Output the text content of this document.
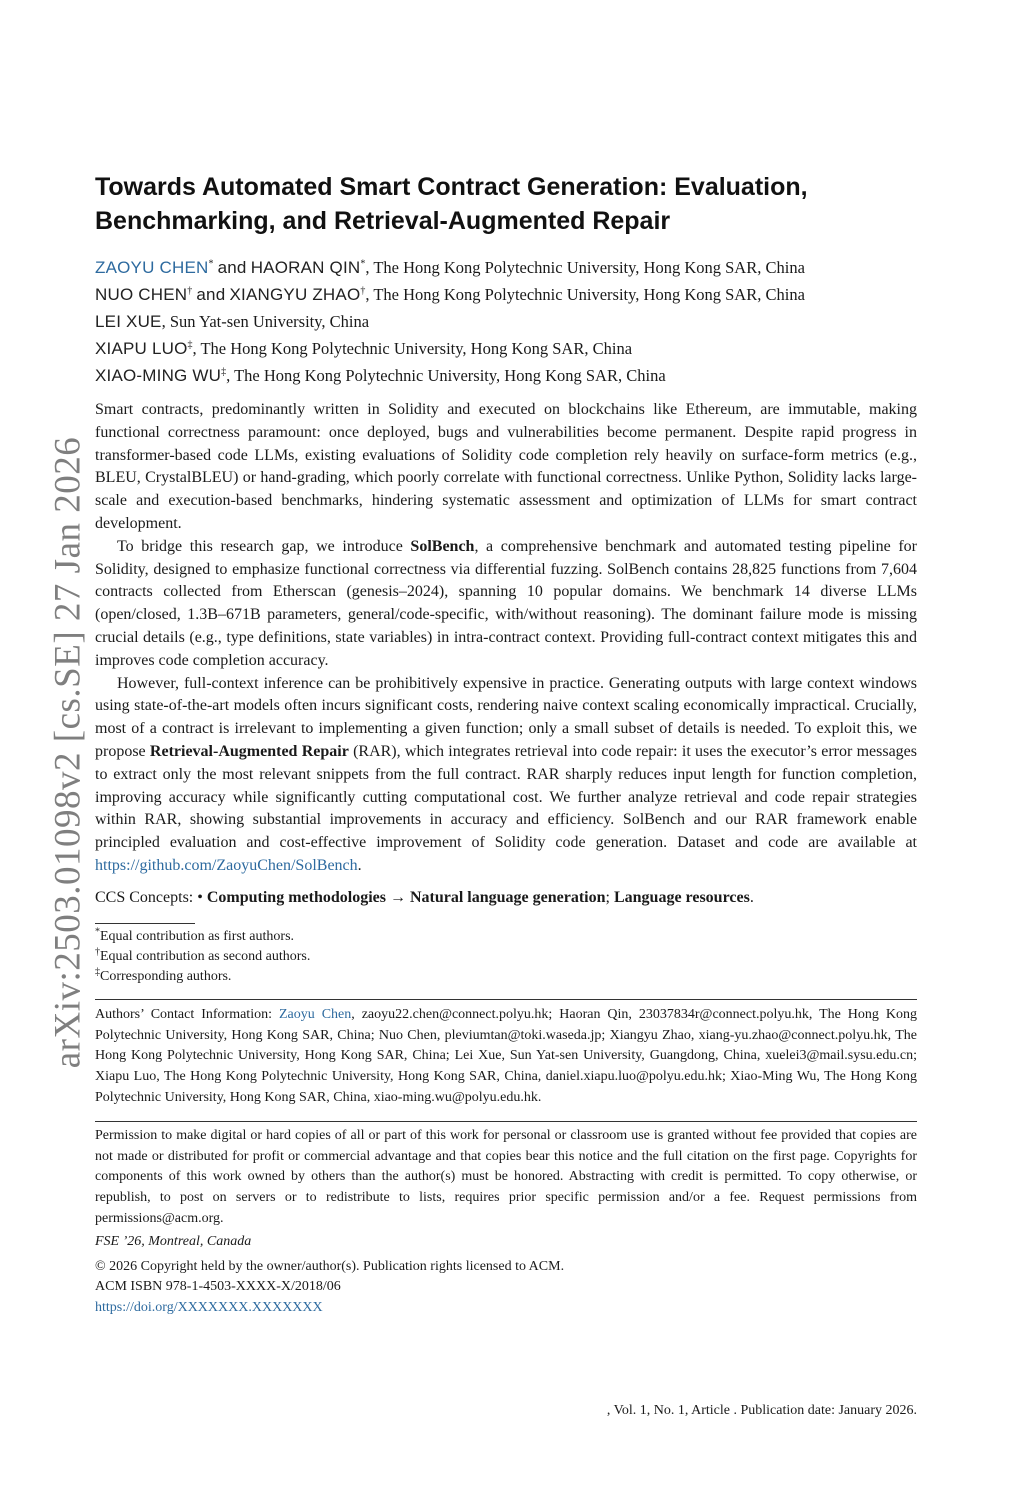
arXiv:2503.01098v2 [cs.SE] 27 Jan 2026
Towards Automated Smart Contract Generation: Evaluation, Benchmarking, and Retrieval-Augmented Repair
ZAOYU CHEN* and HAORAN QIN*, The Hong Kong Polytechnic University, Hong Kong SAR, China
NUO CHEN† and XIANGYU ZHAO†, The Hong Kong Polytechnic University, Hong Kong SAR, China
LEI XUE, Sun Yat-sen University, China
XIAPU LUO‡, The Hong Kong Polytechnic University, Hong Kong SAR, China
XIAO-MING WU‡, The Hong Kong Polytechnic University, Hong Kong SAR, China

Smart contracts, predominantly written in Solidity and executed on blockchains like Ethereum, are immutable, making functional correctness paramount: once deployed, bugs and vulnerabilities become permanent. Despite rapid progress in transformer-based code LLMs, existing evaluations of Solidity code completion rely heavily on surface-form metrics (e.g., BLEU, CrystalBLEU) or hand-grading, which poorly correlate with functional correctness. Unlike Python, Solidity lacks large-scale and execution-based benchmarks, hindering systematic assessment and optimization of LLMs for smart contract development.

To bridge this research gap, we introduce SolBench, a comprehensive benchmark and automated testing pipeline for Solidity, designed to emphasize functional correctness via differential fuzzing. SolBench contains 28,825 functions from 7,604 contracts collected from Etherscan (genesis–2024), spanning 10 popular domains. We benchmark 14 diverse LLMs (open/closed, 1.3B–671B parameters, general/code-specific, with/without reasoning). The dominant failure mode is missing crucial details (e.g., type definitions, state variables) in intra-contract context. Providing full-contract context mitigates this and improves code completion accuracy.

However, full-context inference can be prohibitively expensive in practice. Generating outputs with large context windows using state-of-the-art models often incurs significant costs, rendering naive context scaling economically impractical. Crucially, most of a contract is irrelevant to implementing a given function; only a small subset of details is needed. To exploit this, we propose Retrieval-Augmented Repair (RAR), which integrates retrieval into code repair: it uses the executor’s error messages to extract only the most relevant snippets from the full contract. RAR sharply reduces input length for function completion, improving accuracy while significantly cutting computational cost. We further analyze retrieval and code repair strategies within RAR, showing substantial improvements in accuracy and efficiency. SolBench and our RAR framework enable principled evaluation and cost-effective improvement of Solidity code generation. Dataset and code are available at https://github.com/ZaoyuChen/SolBench.

CCS Concepts: • Computing methodologies → Natural language generation; Language resources.
*Equal contribution as first authors.
†Equal contribution as second authors.
‡Corresponding authors.
Authors’ Contact Information: Zaoyu Chen, zaoyu22.chen@connect.polyu.hk; Haoran Qin, 23037834r@connect.polyu.hk, The Hong Kong Polytechnic University, Hong Kong SAR, China; Nuo Chen, pleviumtan@toki.waseda.jp; Xiangyu Zhao, xiang-yu.zhao@connect.polyu.hk, The Hong Kong Polytechnic University, Hong Kong SAR, China; Lei Xue, Sun Yat-sen University, Guangdong, China, xuelei3@mail.sysu.edu.cn; Xiapu Luo, The Hong Kong Polytechnic University, Hong Kong SAR, China, daniel.xiapu.luo@polyu.edu.hk; Xiao-Ming Wu, The Hong Kong Polytechnic University, Hong Kong SAR, China, xiao-ming.wu@polyu.edu.hk.
Permission to make digital or hard copies of all or part of this work for personal or classroom use is granted without fee provided that copies are not made or distributed for profit or commercial advantage and that copies bear this notice and the full citation on the first page. Copyrights for components of this work owned by others than the author(s) must be honored. Abstracting with credit is permitted. To copy otherwise, or republish, to post on servers or to redistribute to lists, requires prior specific permission and/or a fee. Request permissions from permissions@acm.org.
FSE ’26, Montreal, Canada
© 2026 Copyright held by the owner/author(s). Publication rights licensed to ACM.
ACM ISBN 978-1-4503-XXXX-X/2018/06
https://doi.org/XXXXXXX.XXXXXXX
, Vol. 1, No. 1, Article . Publication date: January 2026.
